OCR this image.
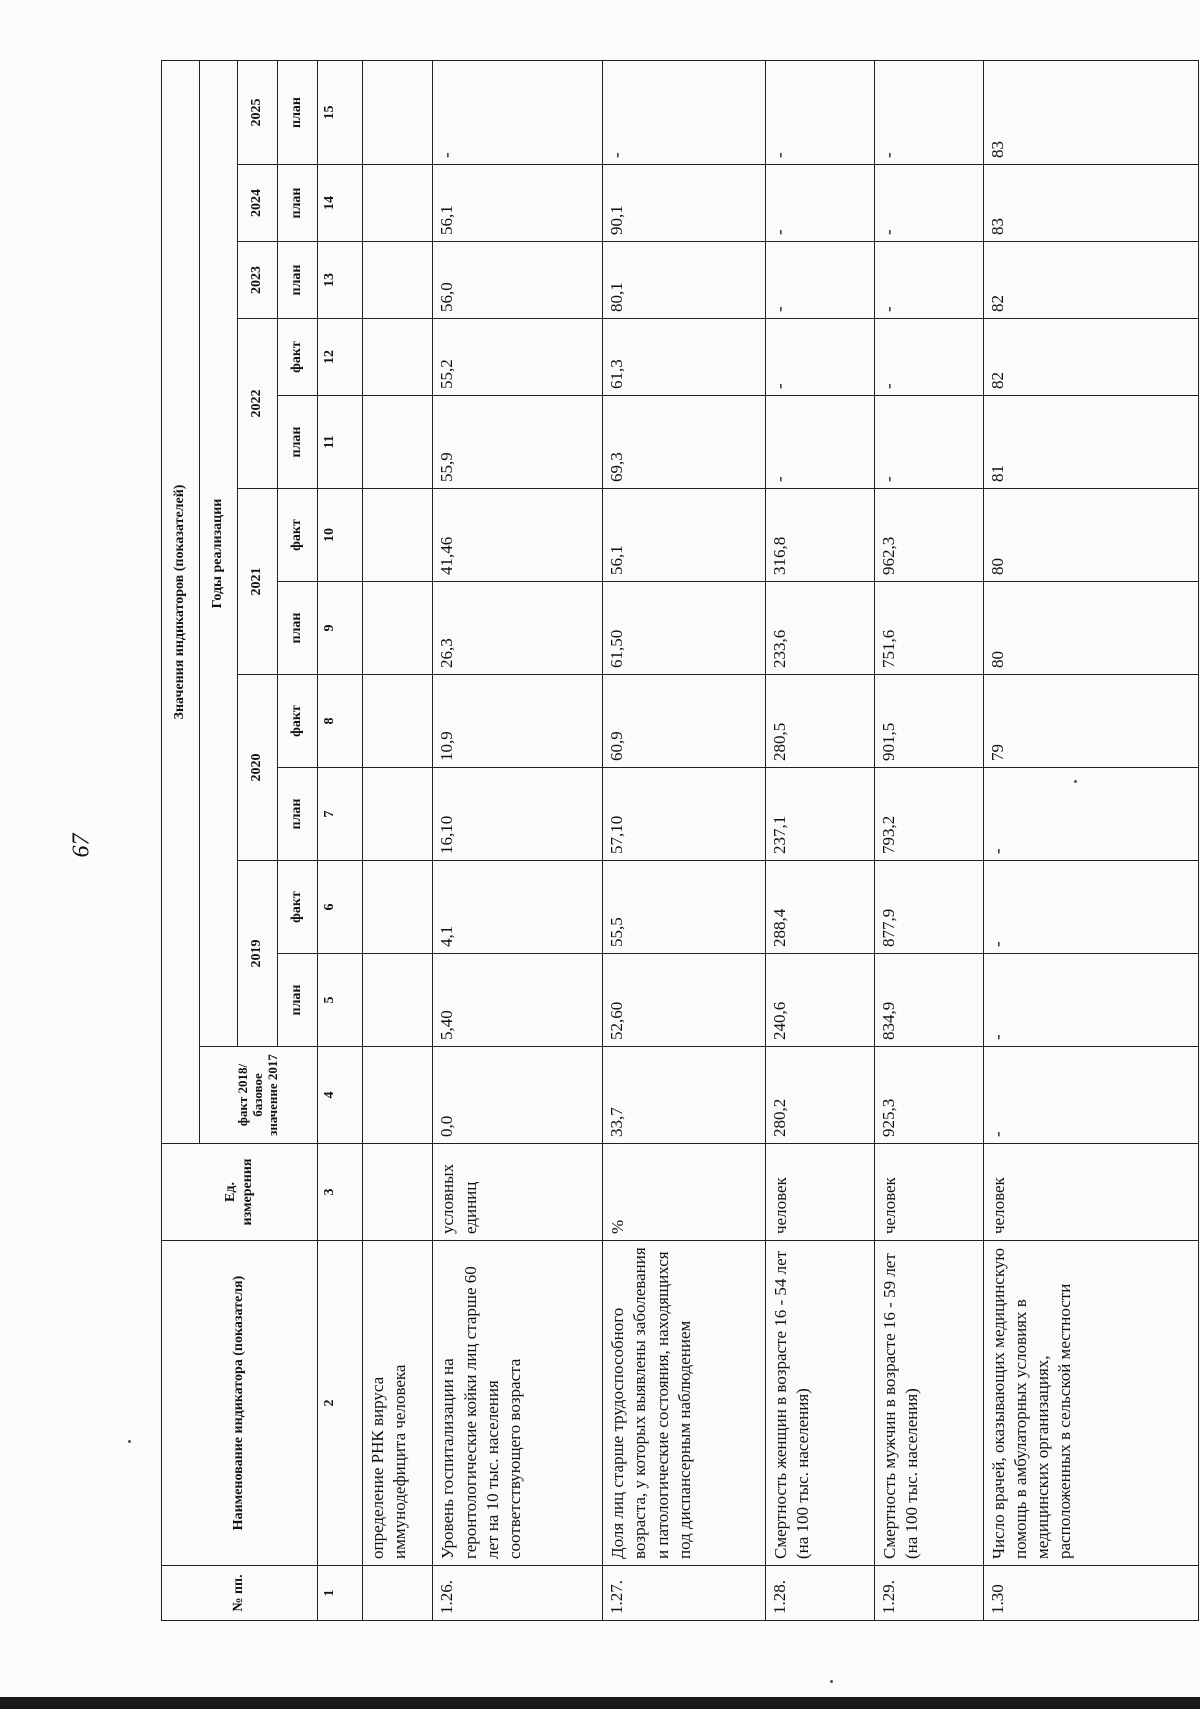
67
№ пп.	Наименование индикатора (показателя)	Ед. измерения	Значения индикаторов (показателей)											
			факт 2018/базовое значение 2017	Годы реализации										
				2019		2020		2021		2022		2023	2024	2025
				план	факт	план	факт	план	факт	план	факт	план	план	план
1	2	3	4	5	6	7	8	9	10	11	12	13	14	15
	определение РНК вируса иммунодефицита человека													
1.26.	Уровень госпитализации на геронтологические койки лиц старше 60 лет на 10 тыс. населения соответствующего возраста	условных единиц	0,0	5,40	4,1	16,10	10,9	26,3	41,46	55,9	55,2	56,0	56,1	-
1.27.	Доля лиц старше трудоспособного возраста, у которых выявлены заболевания и патологические состояния, находящихся под диспансерным наблюдением	%	33,7	52,60	55,5	57,10	60,9	61,50	56,1	69,3	61,3	80,1	90,1	-
1.28.	Смертность женщин в возрасте 16 - 54 лет (на 100 тыс. населения)	человек	280,2	240,6	288,4	237,1	280,5	233,6	316,8	-	-	-	-	-
1.29.	Смертность мужчин в возрасте 16 - 59 лет (на 100 тыс. населения)	человек	925,3	834,9	877,9	793,2	901,5	751,6	962,3	-	-	-	-	-
1.30	Число врачей, оказывающих медицинскую помощь в амбулаторных условиях в медицинских организациях, расположенных в сельской местности	человек	-	-	-	-	79	80	80	81	82	82	83	83
